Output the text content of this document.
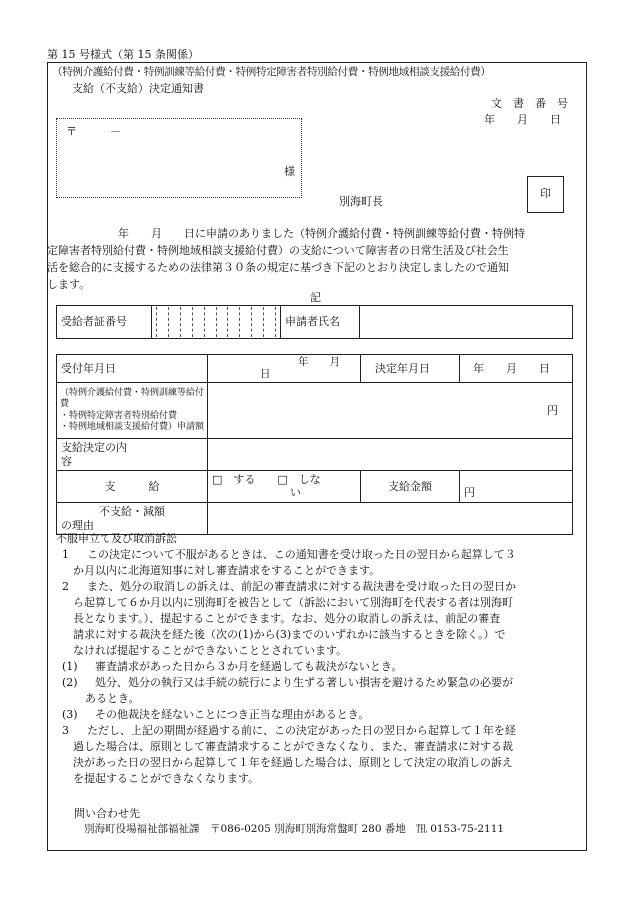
第 15 号様式（第 15 条関係）
（特例介護給付費・特例訓練等給付費・特例特定障害者特別給付費・特例地域相談支援給付費）
支給（不支給）決定通知書
文　書　番　号
年　　月　　日
〒　　　－
様
別海町長
印
年　　月　　日に申請のありました（特例介護給付費・特例訓練等給付費・特例特
定障害者特別給付費・特例地域相談支援給付費）の支給について障害者の日常生活及び社会生
活を総合的に支援するための法律第３０条の規定に基づき下記のとおり決定しましたので通知
します。
記
受給者証番号		申請者氏名	
受付年月日	年　　月
日	決定年月日	年　　月　　日

（特例介護給付費・特例訓練等給付
費
・特例特定障害者特別給付費
・特例地域相談支援給付費）申請額	円		

支給決定の内
容			

支　　　給	□　する　　□　しな
い	支給金額	円

不支給・減額
の理由			

不服申立て及び取消訴訟
1 この決定について不服があるときは、この通知書を受け取った日の翌日から起算して３
か月以内に北海道知事に対し審査請求をすることができます。
2 また、処分の取消しの訴えは、前記の審査請求に対する裁決書を受け取った日の翌日か
ら起算して６か月以内に別海町を被告として（訴訟において別海町を代表する者は別海町
長となります。）、提起することができます。なお、処分の取消しの訴えは、前記の審査
請求に対する裁決を経た後（次の(1)から(3)までのいずれかに該当するときを除く。）で
なければ提起することができないこととされています。
(1) 審査請求があった日から３か月を経過しても裁決がないとき。
(2) 処分、処分の執行又は手続の続行により生ずる著しい損害を避けるため緊急の必要が
あるとき。
(3) その他裁決を経ないことにつき正当な理由があるとき。
3 ただし、上記の期間が経過する前に、この決定があった日の翌日から起算して１年を経
過した場合は、原則として審査請求することができなくなり、また、審査請求に対する裁
決があった日の翌日から起算して１年を経過した場合は、原則として決定の取消しの訴え
を提起することができなくなります。
問い合わせ先
別海町役場福祉部福祉課　〒086-0205 別海町別海常盤町 280 番地　℡ 0153-75-2111
